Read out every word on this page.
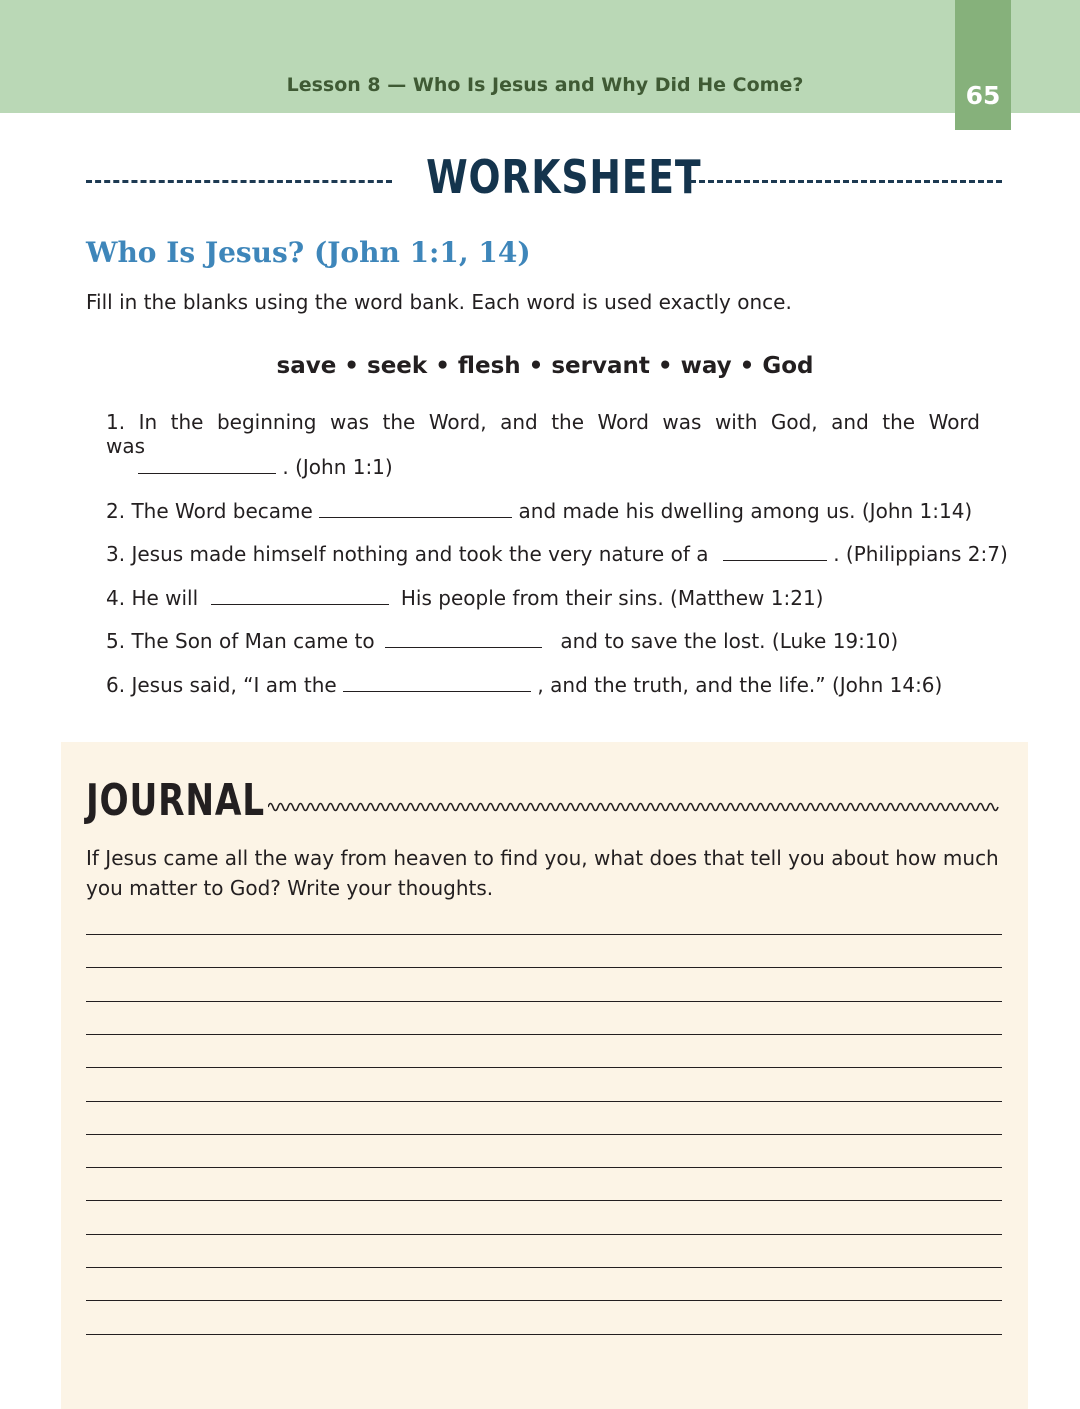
Lesson 8 — Who Is Jesus and Why Did He Come?	65
WORKSHEET
Who Is Jesus? (John 1:1, 14)
Fill in the blanks using the word bank. Each word is used exactly once.
save • seek • flesh • servant • way • God
1. In the beginning was the Word, and the Word was with God, and the Word was
. (John 1:1)
2. The Word became	and made his dwelling among us. (John 1:14)
3. Jesus made himself nothing and took the very nature of a	. (Philippians 2:7)
4. He will	His people from their sins. (Matthew 1:21)
5. The Son of Man came to	and to save the lost. (Luke 19:10)
6. Jesus said, “I am the	, and the truth, and the life.” (John 14:6)
JOURNAL
If Jesus came all the way from heaven to find you, what does that tell you about how much you matter to God? Write your thoughts.
